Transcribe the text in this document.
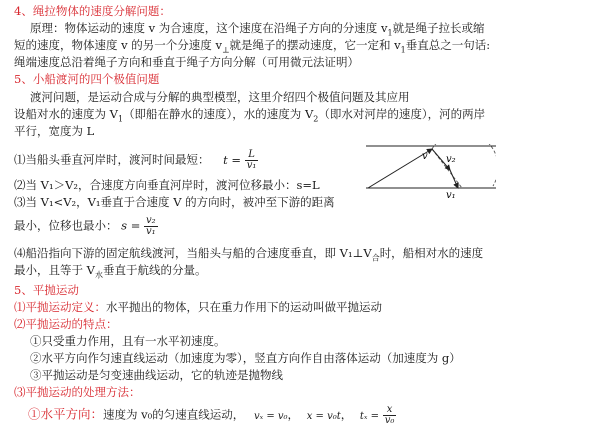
4、绳拉物体的速度分解问题：
原理：物体运动的速度 v 为合速度，这个速度在沿绳子方向的分速度 $v_1$就是绳子拉长或缩
短的速度，物体速度 v 的另一个分速度 $v_\perp$就是绳子的摆动速度，它一定和 $v_1$垂直总之一句话:
绳端速度总沿着绳子方向和垂直于绳子方向分解（可用微元法证明）
5、小船渡河的四个极值问题
渡河问题，是运动合成与分解的典型模型，这里介绍四个极值问题及其应用
设船对水的速度为 $V_1$（即船在静水的速度），水的速度为 $V_2$（即水对河岸的速度），河的两岸
平行，宽度为 L
⑴当船头垂直河岸时，渡河时间最短： $t = \frac{L}{\text{v₁}}$
⑵当 V₁＞V₂，合速度方向垂直河岸时，渡河位移最小：s=L
⑶当 V₁<V₂，V₁垂直于合速度 V 的方向时，被冲至下游的距离
最小，位移也最小： $s = \frac{\text{v₂}}{\text{v₁}}$
⑷船沿指向下游的固定航线渡河，当船头与船的合速度垂直，即 $V_1\perp V_合$时，船相对水的速度
最小，且等于 $V_水$垂直于航线的分量。
5、平抛运动
⑴平抛运动定义：水平抛出的物体，只在重力作用下的运动叫做平抛运动
⑵平抛运动的特点：
①只受重力作用，且有一水平初速度。
②水平方向作匀速直线运动（加速度为零），竖直方向作自由落体运动（加速度为 g）
③平抛运动是匀变速曲线运动，它的轨迹是抛物线
⑶平抛运动的处理方法：
①水平方向：速度为 v₀的匀速直线运动， vₓ = v₀， x = v₀t， $t_x = \frac{x}{\text{v₀}}$
v v₂
v₁
